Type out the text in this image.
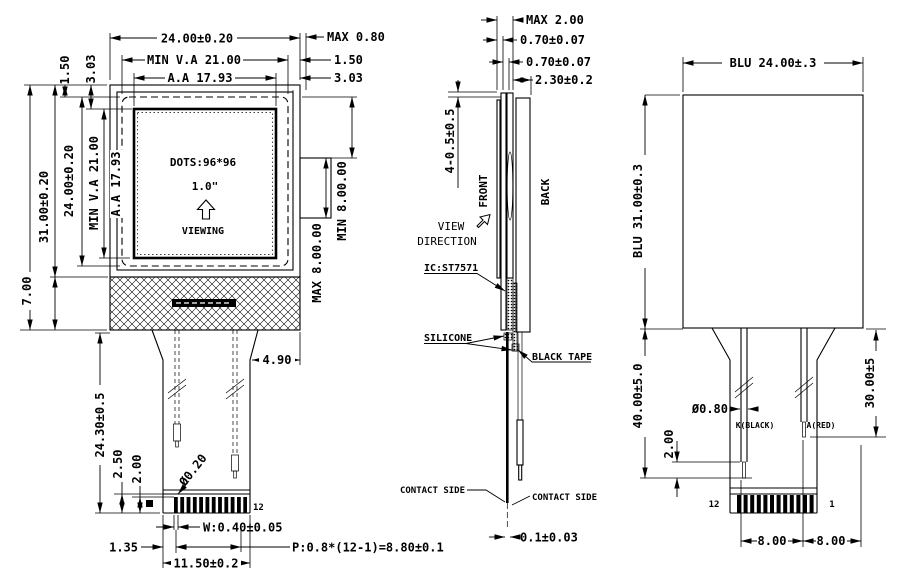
24.00±0.20	MAX 0.80
MIN V.A 21.00	1.50
A.A 17.93	3.03
1.50 3.03
31.00±0.20 24.00±0.20
7.00
MIN V.A 21.00 A.A 17.93	MIN 8.00.00
MAX 8.00.00
4.90
24.30±0.5
2.50 2.00	Ø0.20
12
W:0.40±0.05
1.35
11.50±0.2
P:0.8*(12-1)=8.80±0.1
DOTS:96*96
1.0"
VIEWING
MAX 2.00
0.70±0.07
0.70±0.07
2.30±0.2
4-0.5±0.5
FRONT	BACK
VIEW
DIRECTION
IC:ST7571
SILICONE
BLACK TAPE
CONTACT SIDE
CONTACT SIDE
0.1±0.03
BLU 24.00±.3
BLU 31.00±0.3
40.00±5.0	30.00±5
Ø0.80
2.00
K(BLACK)	A(RED)
12	1
8.00	8.00
